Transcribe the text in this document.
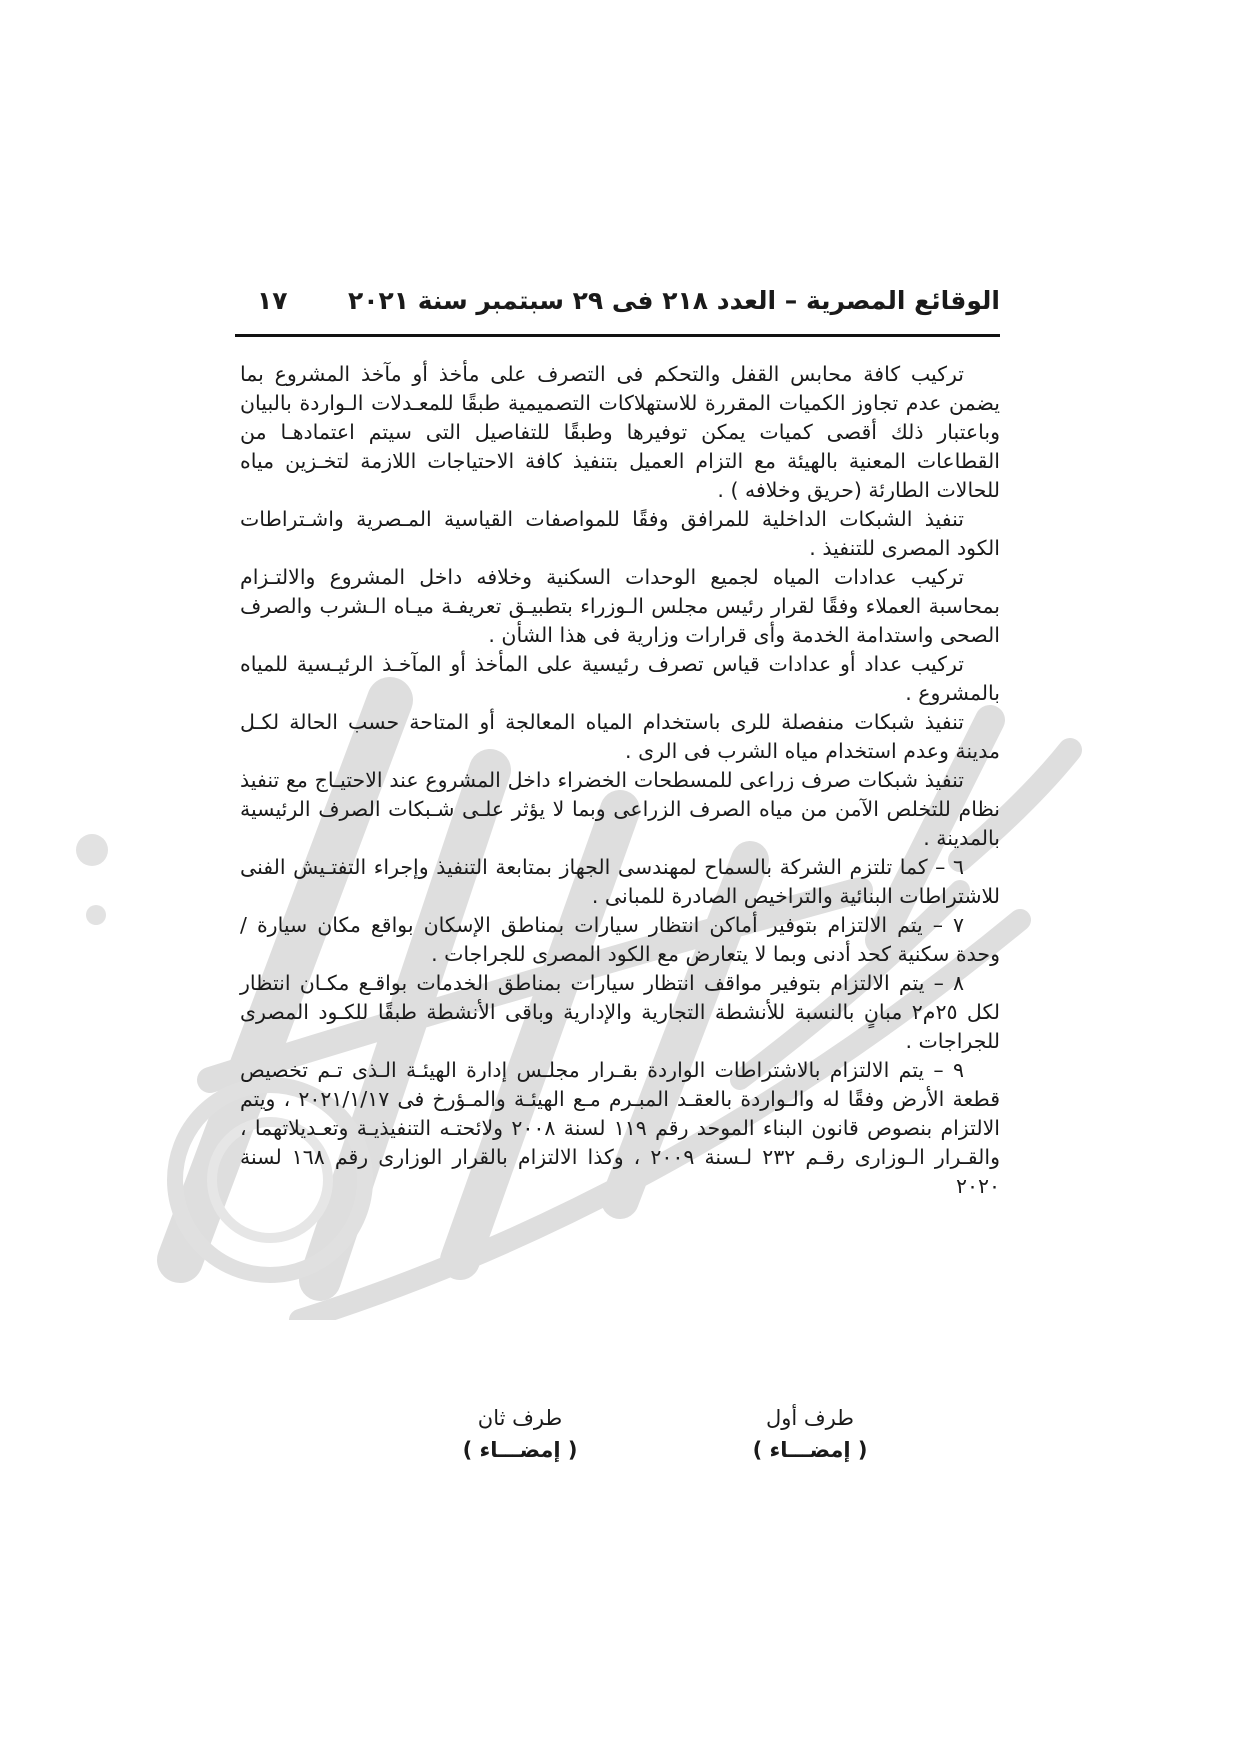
الوقائع المصرية – العدد ٢١٨ فى ٢٩ سبتمبر سنة ٢٠٢١
١٧

تركيب كافة محابس القفل والتحكم فى التصرف على مأخذ أو مآخذ المشروع بما يضمن عدم تجاوز الكميات المقررة للاستهلاكات التصميمية طبقًا للمعـدلات الـواردة بالبيان وباعتبار ذلك أقصى كميات يمكن توفيرها وطبقًا للتفاصيل التى سيتم اعتمادهـا من القطاعات المعنية بالهيئة مع التزام العميل بتنفيذ كافة الاحتياجات اللازمة لتخـزين مياه للحالات الطارئة (حريق وخلافه ) .

تنفيذ الشبكات الداخلية للمرافق وفقًا للمواصفات القياسية المـصرية واشـتراطات الكود المصرى للتنفيذ .

تركيب عدادات المياه لجميع الوحدات السكنية وخلافه داخل المشروع والالتـزام بمحاسبة العملاء وفقًا لقرار رئيس مجلس الـوزراء بتطبيـق تعريفـة ميـاه الـشرب والصرف الصحى واستدامة الخدمة وأى قرارات وزارية فى هذا الشأن .

تركيب عداد أو عدادات قياس تصرف رئيسية على المأخذ أو المآخـذ الرئيـسية للمياه بالمشروع .

تنفيذ شبكات منفصلة للرى باستخدام المياه المعالجة أو المتاحة حسب الحالة لكـل مدينة وعدم استخدام مياه الشرب فى الرى .

تنفيذ شبكات صرف زراعى للمسطحات الخضراء داخل المشروع عند الاحتيـاج مع تنفيذ نظام للتخلص الآمن من مياه الصرف الزراعى وبما لا يؤثر علـى شـبكات الصرف الرئيسية بالمدينة .

٦ – كما تلتزم الشركة بالسماح لمهندسى الجهاز بمتابعة التنفيذ وإجراء التفتـيش الفنى للاشتراطات البنائية والتراخيص الصادرة للمبانى .

٧ – يتم الالتزام بتوفير أماكن انتظار سيارات بمناطق الإسكان بواقع مكان سيارة / وحدة سكنية كحد أدنى وبما لا يتعارض مع الكود المصرى للجراجات .

٨ – يتم الالتزام بتوفير مواقف انتظار سيارات بمناطق الخدمات بواقـع مكـان انتظار لكل ٢٥م٢ مبانٍ بالنسبة للأنشطة التجارية والإدارية وباقى الأنشطة طبقًا للكـود المصرى للجراجات .

٩ – يتم الالتزام بالاشتراطات الواردة بقـرار مجلـس إدارة الهيئـة الـذى تـم تخصيص قطعة الأرض وفقًا له والـواردة بالعقـد المبـرم مـع الهيئـة والمـؤرخ فى ٢٠٢١/١/١٧ ، ويتم الالتزام بنصوص قانون البناء الموحد رقم ١١٩ لسنة ٢٠٠٨ ولائحتـه التنفيذيـة وتعـديلاتهما ، والقـرار الـوزارى رقـم ٢٣٢ لـسنة ٢٠٠٩ ، وكذا الالتزام بالقرار الوزارى رقم ١٦٨ لسنة ٢٠٢٠

طرف أول
( إمضـــاء )
طرف ثان
( إمضـــاء )
